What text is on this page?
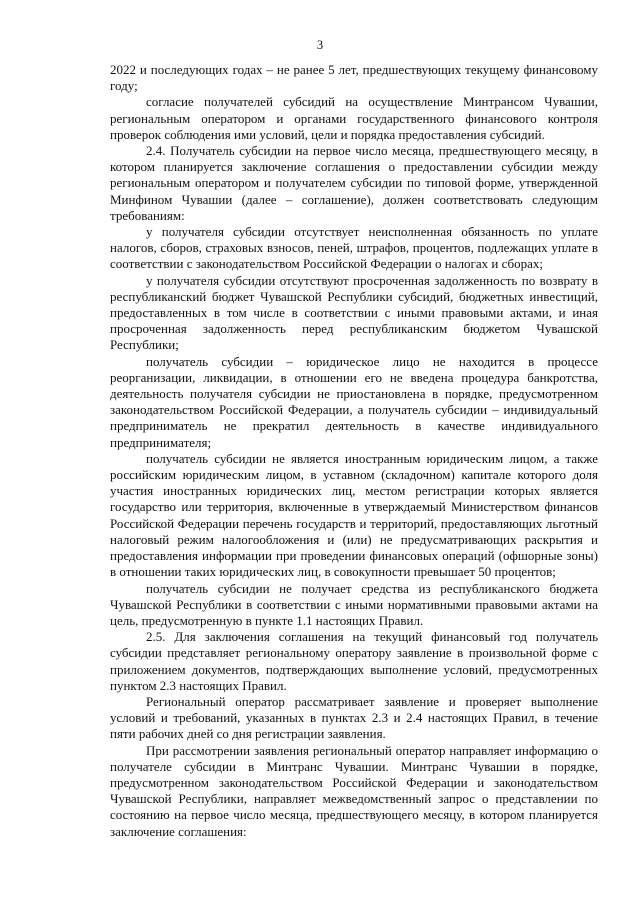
3

2022 и последующих годах – не ранее 5 лет, предшествующих текущему финансовому году;

согласие получателей субсидий на осуществление Минтрансом Чувашии, региональным оператором и органами государственного финансового контроля проверок соблюдения ими условий, цели и порядка предоставления субсидий.

2.4. Получатель субсидии на первое число месяца, предшествующего месяцу, в котором планируется заключение соглашения о предоставлении субсидии между региональным оператором и получателем субсидии по типовой форме, утвержденной Минфином Чувашии (далее – соглашение), должен соответствовать следующим требованиям:

у получателя субсидии отсутствует неисполненная обязанность по уплате налогов, сборов, страховых взносов, пеней, штрафов, процентов, подлежащих уплате в соответствии с законодательством Российской Федерации о налогах и сборах;

у получателя субсидии отсутствуют просроченная задолженность по возврату в республиканский бюджет Чувашской Республики субсидий, бюджетных инвестиций, предоставленных в том числе в соответствии с иными правовыми актами, и иная просроченная задолженность перед республиканским бюджетом Чувашской Республики;

получатель субсидии – юридическое лицо не находится в процессе реорганизации, ликвидации, в отношении его не введена процедура банкротства, деятельность получателя субсидии не приостановлена в порядке, предусмотренном законодательством Российской Федерации, а получатель субсидии – индивидуальный предприниматель не прекратил деятельность в качестве индивидуального предпринимателя;

получатель субсидии не является иностранным юридическим лицом, а также российским юридическим лицом, в уставном (складочном) капитале которого доля участия иностранных юридических лиц, местом регистрации которых является государство или территория, включенные в утверждаемый Министерством финансов Российской Федерации перечень государств и территорий, предоставляющих льготный налоговый режим налогообложения и (или) не предусматривающих раскрытия и предоставления информации при проведении финансовых операций (офшорные зоны) в отношении таких юридических лиц, в совокупности превышает 50 процентов;

получатель субсидии не получает средства из республиканского бюджета Чувашской Республики в соответствии с иными нормативными правовыми актами на цель, предусмотренную в пункте 1.1 настоящих Правил.

2.5. Для заключения соглашения на текущий финансовый год получатель субсидии представляет региональному оператору заявление в произвольной форме с приложением документов, подтверждающих выполнение условий, предусмотренных пунктом 2.3 настоящих Правил.

Региональный оператор рассматривает заявление и проверяет выполнение условий и требований, указанных в пунктах 2.3 и 2.4 настоящих Правил, в течение пяти рабочих дней со дня регистрации заявления.

При рассмотрении заявления региональный оператор направляет информацию о получателе субсидии в Минтранс Чувашии. Минтранс Чувашии в порядке, предусмотренном законодательством Российской Федерации и законодательством Чувашской Республики, направляет межведомственный запрос о представлении по состоянию на первое число месяца, предшествующего месяцу, в котором планируется заключение соглашения:
